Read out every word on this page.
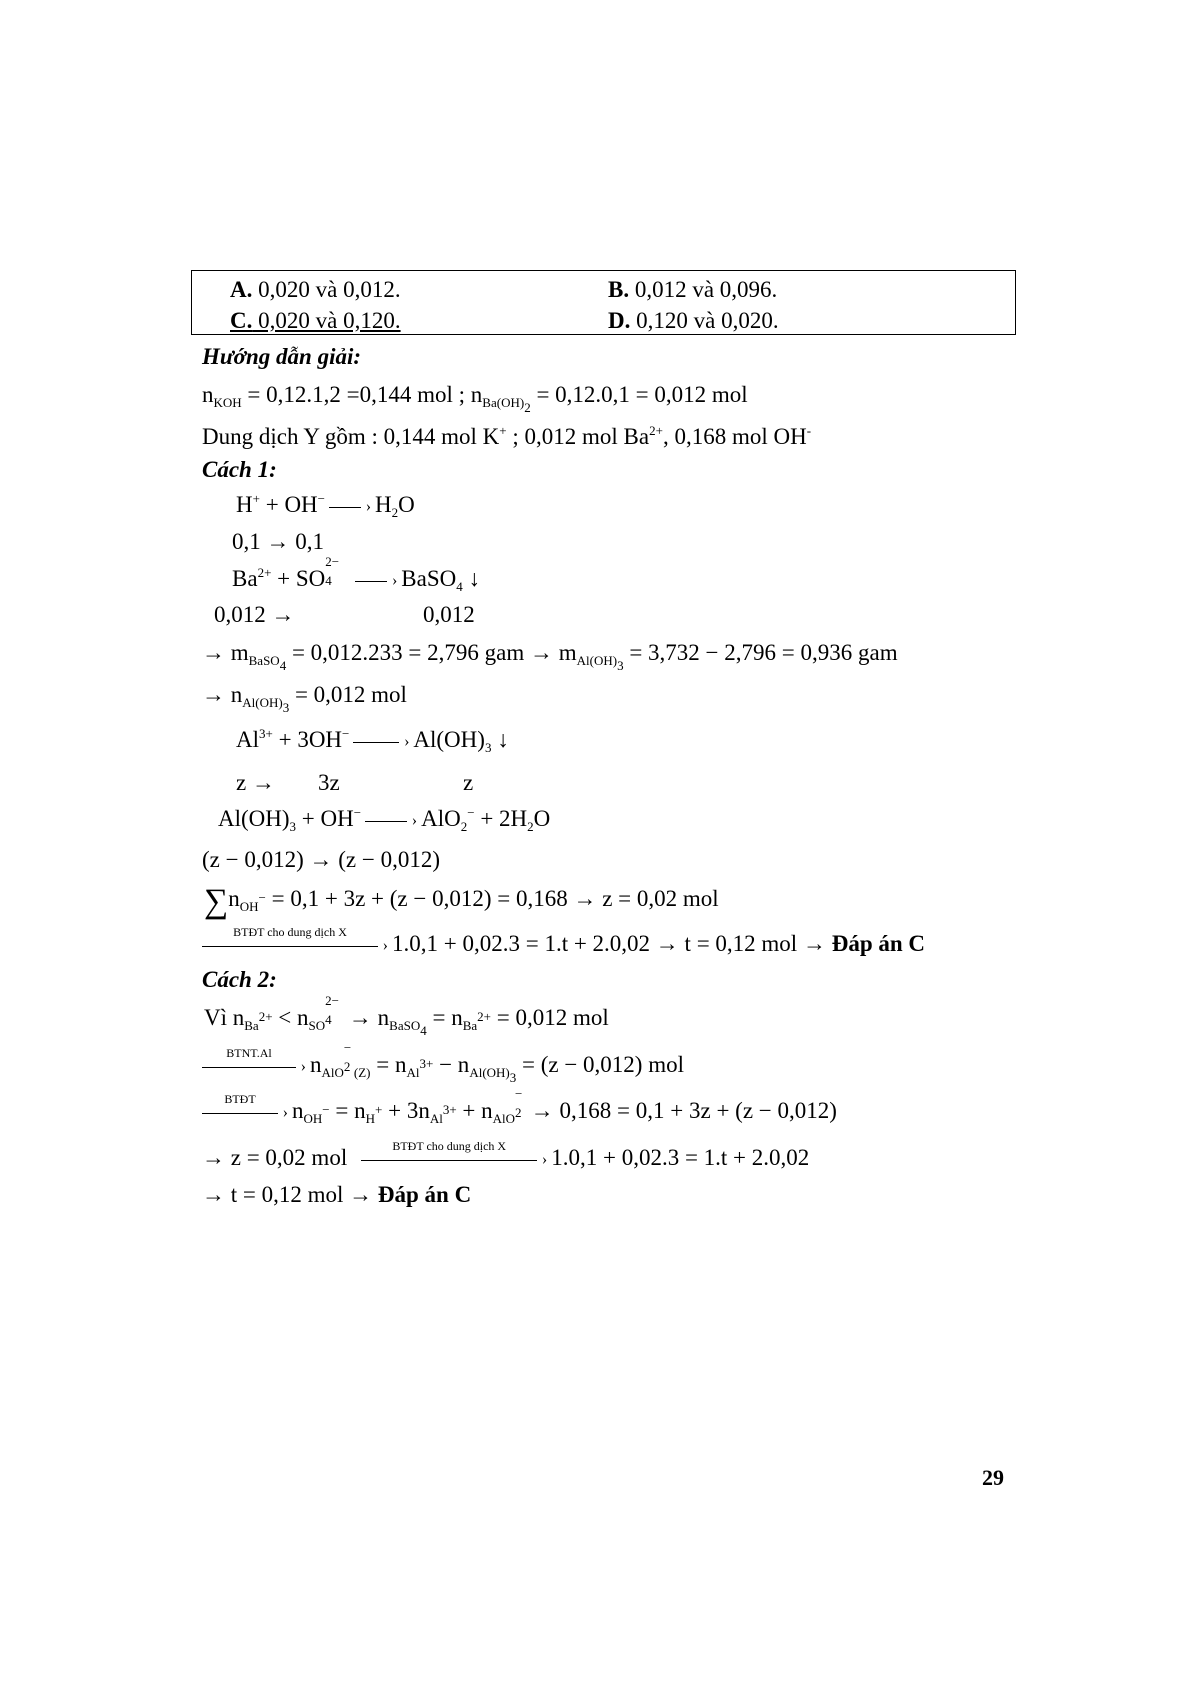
A. 0,020 và 0,012.	B. 0,012 và 0,096.
C. 0,020 và 0,120.	D. 0,120 và 0,020.
Hướng dẫn giải:
$n_{KOH} = 0,12.1,2 =0,144$ mol ; $n_{Ba(OH)_2} = 0,12.0,1 = 0,012$ mol
Dung dịch Y gồm : 0,144 mol K+ ; 0,012 mol $Ba^{2+}$, 0,168 mol OH-
Cách 1:
H+ + OH−	› $H_2O$
0,1 → 0,1
$Ba^{2+}$ + SO
2−
4	› BaSO$_4$ ↓
0,012 →	0,012
→ $m_{BaSO_4} = 0,012.233 = 2,796$ gam → $m_{Al(OH)_3} = 3,732 - 2,796 = 0,936$ gam
→ $n_{Al(OH)_3} = 0,012$ mol
$Al^{3+} + 3OH^-$	› $Al(OH)_3$ ↓
z → 3z	z
$Al(OH)_3 + OH^-$	› $AlO_2^- + 2H_2O$
(z − 0,012) → (z − 0,012)
$\sum n_{OH^-} = 0,1 + 3z + (z - 0,012) = 0,168 \to z = 0,02$ mol
BTĐT cho dung dịch X
› 1.0,1 + 0,02.3 = 1.t + 2.0,02 → t = 0,12 mol → Đáp án C
Cách 2:
Vì $n_{Ba^{2+}} < n_{SO}$
2−
$4 \to n_{BaSO_4} = n_{Ba^{2+}} = 0,012$ mol
BTNT.Al
› $n_{AlO}$
−
2 $_{(Z)} = n_{Al^{3+}} - n_{Al(OH)_3} = (z - 0,012)$ mol
BTĐT
› $n_{OH^-} = n_{H^+} + 3n_{Al^{3+}} + n_{AlO}$
−
2 → 0,168 = 0,1 + 3z + (z − 0,012)
→ z = 0,02 mol	BTĐT cho dung dịch X
› 1.0,1 + 0,02.3 = 1.t + 2.0,02
→ t = 0,12 mol → Đáp án C
29
